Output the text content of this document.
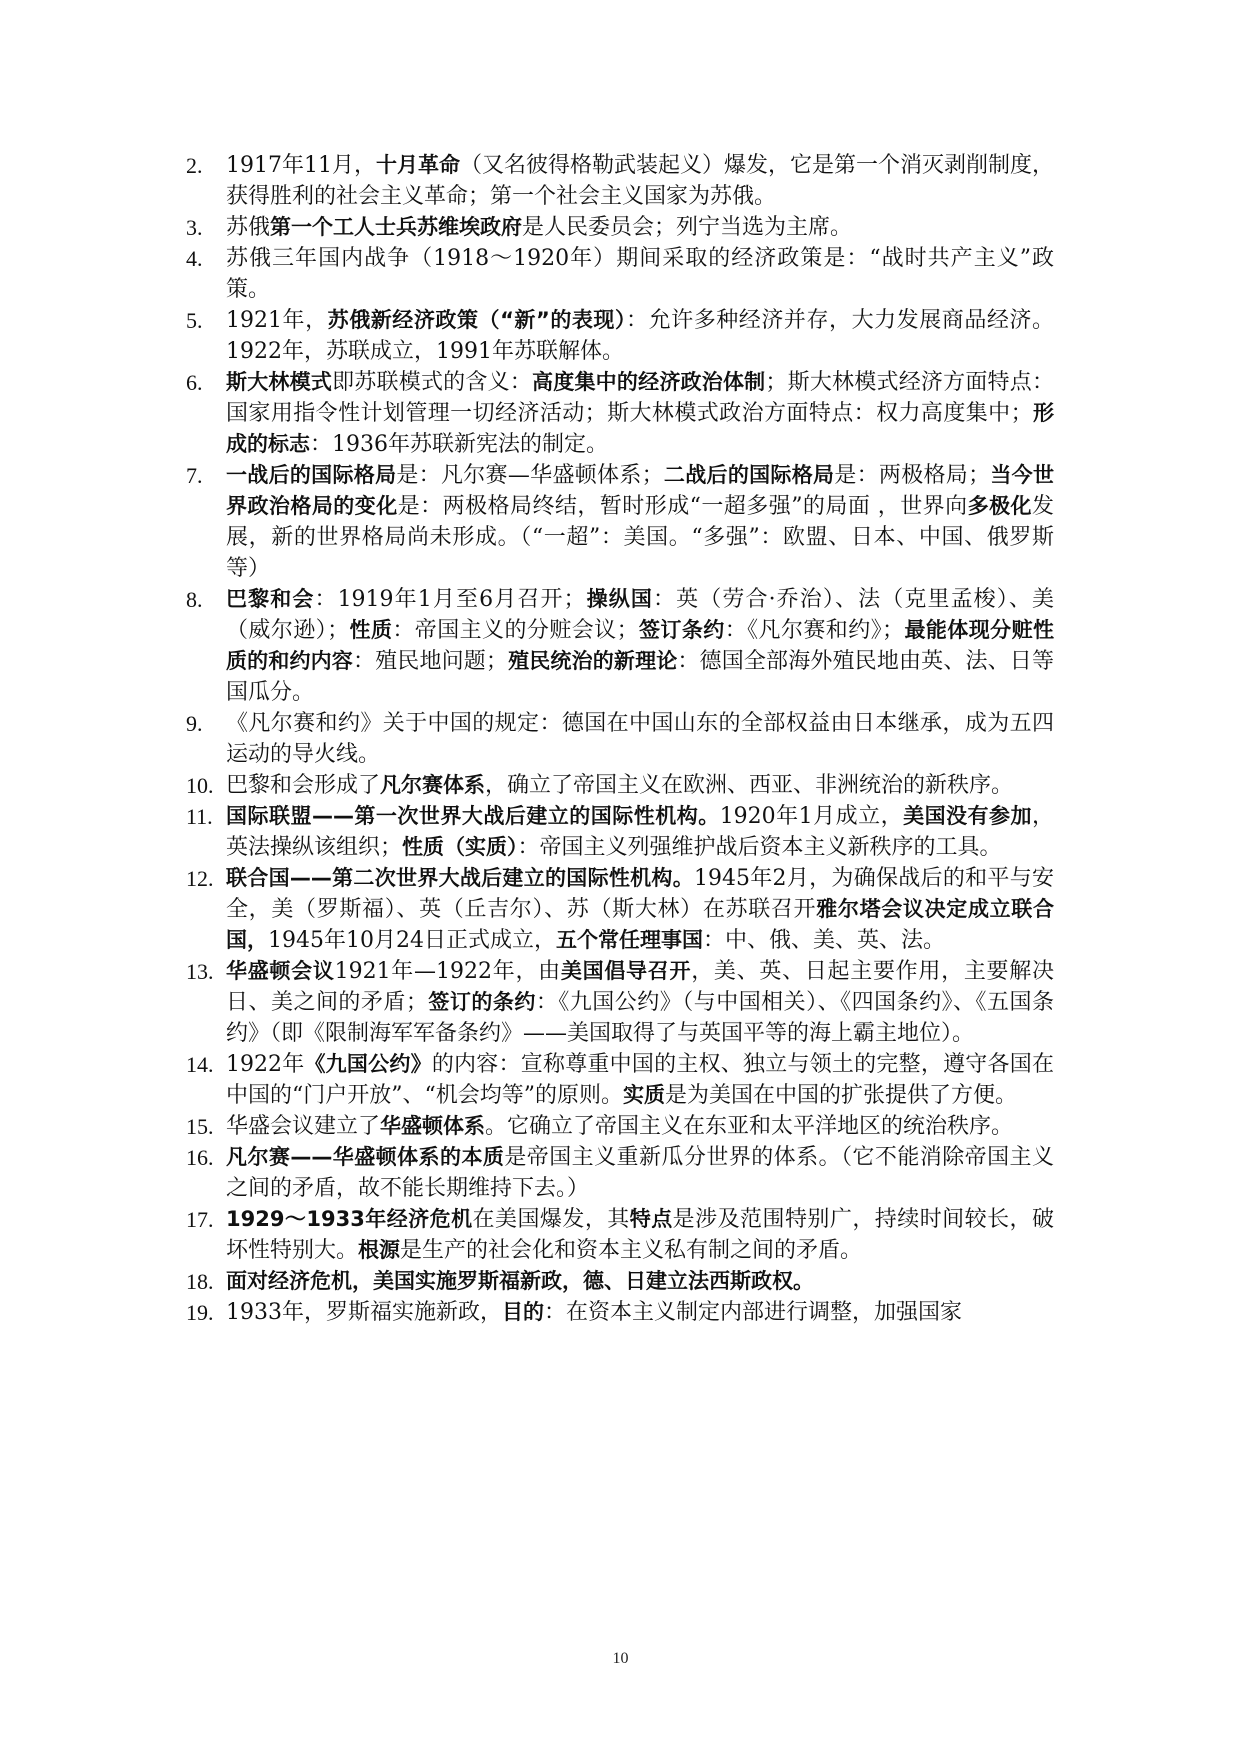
2.	1917年11月，十月革命（又名彼得格勒武装起义）爆发，它是第一个消灭剥削制度，获得胜利的社会主义革命；第一个社会主义国家为苏俄。
3.	苏俄第一个工人士兵苏维埃政府是人民委员会；列宁当选为主席。
4.	苏俄三年国内战争（1918～1920年）期间采取的经济政策是：“战时共产主义”政策。
5.	1921年，苏俄新经济政策（“新”的表现）：允许多种经济并存，大力发展商品经济。1922年，苏联成立，1991年苏联解体。
6.	斯大林模式即苏联模式的含义：高度集中的经济政治体制；斯大林模式经济方面特点：国家用指令性计划管理一切经济活动；斯大林模式政治方面特点：权力高度集中；形成的标志：1936年苏联新宪法的制定。
7.	一战后的国际格局是：凡尔赛—华盛顿体系；二战后的国际格局是：两极格局；当今世界政治格局的变化是：两极格局终结，暂时形成“一超多强”的局面 ，世界向多极化发展，新的世界格局尚未形成。（“一超”：美国。“多强”：欧盟、日本、中国、俄罗斯等）
8.	巴黎和会：1919年1月至6月召开；操纵国：英（劳合·乔治）、法（克里孟梭）、美（威尔逊）；性质：帝国主义的分赃会议；签订条约：《凡尔赛和约》；最能体现分赃性质的和约内容：殖民地问题；殖民统治的新理论：德国全部海外殖民地由英、法、日等国瓜分。
9.	《凡尔赛和约》关于中国的规定：德国在中国山东的全部权益由日本继承，成为五四运动的导火线。
10. 巴黎和会形成了凡尔赛体系，确立了帝国主义在欧洲、西亚、非洲统治的新秩序。
11. 国际联盟——第一次世界大战后建立的国际性机构。1920年1月成立，美国没有参加，英法操纵该组织；性质（实质）：帝国主义列强维护战后资本主义新秩序的工具。
12. 联合国——第二次世界大战后建立的国际性机构。1945年2月，为确保战后的和平与安全，美（罗斯福）、英（丘吉尔）、苏（斯大林）在苏联召开雅尔塔会议决定成立联合国，1945年10月24日正式成立，五个常任理事国：中、俄、美、英、法。
13. 华盛顿会议1921年—1922年，由美国倡导召开，美、英、日起主要作用，主要解决日、美之间的矛盾；签订的条约：《九国公约》（与中国相关）、《四国条约》、《五国条约》（即《限制海军军备条约》——美国取得了与英国平等的海上霸主地位）。
14. 1922年《九国公约》的内容：宣称尊重中国的主权、独立与领土的完整，遵守各国在中国的“门户开放”、“机会均等”的原则。实质是为美国在中国的扩张提供了方便。
15. 华盛会议建立了华盛顿体系。它确立了帝国主义在东亚和太平洋地区的统治秩序。
16. 凡尔赛——华盛顿体系的本质是帝国主义重新瓜分世界的体系。（它不能消除帝国主义之间的矛盾，故不能长期维持下去。）
17. 1929～1933年经济危机在美国爆发，其特点是涉及范围特别广，持续时间较长，破坏性特别大。根源是生产的社会化和资本主义私有制之间的矛盾。
18. 面对经济危机，美国实施罗斯福新政，德、日建立法西斯政权。
19. 1933年，罗斯福实施新政，目的：在资本主义制定内部进行调整，加强国家
10
